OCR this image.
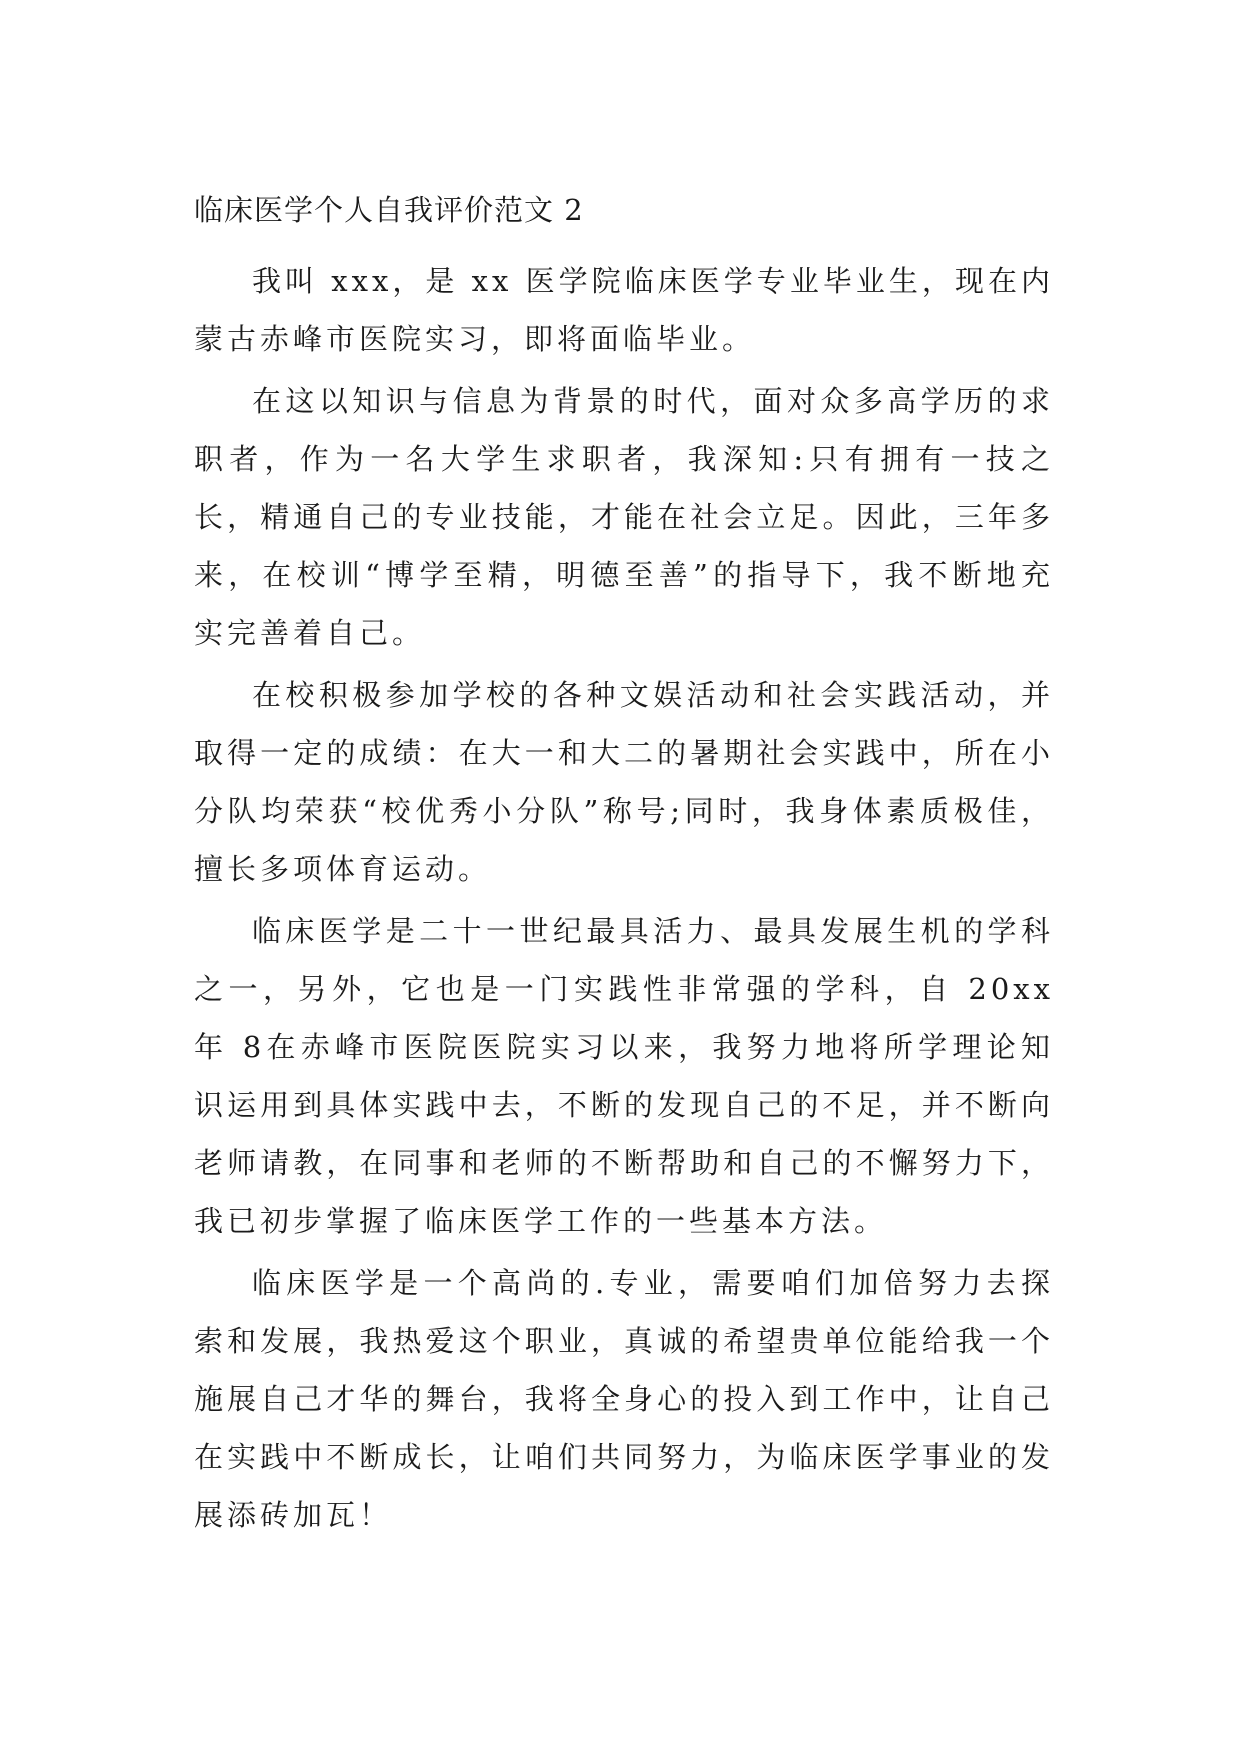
临床医学个人自我评价范文 2

我叫 xxx，是 xx 医学院临床医学专业毕业生，现在内蒙古赤峰市医院实习，即将面临毕业。

在这以知识与信息为背景的时代，面对众多高学历的求职者，作为一名大学生求职者，我深知:只有拥有一技之长，精通自己的专业技能，才能在社会立足。因此，三年多来，在校训“博学至精，明德至善”的指导下，我不断地充实完善着自己。

在校积极参加学校的各种文娱活动和社会实践活动，并取得一定的成绩：在大一和大二的暑期社会实践中，所在小分队均荣获“校优秀小分队”称号;同时，我身体素质极佳，擅长多项体育运动。

临床医学是二十一世纪最具活力、最具发展生机的学科之一，另外，它也是一门实践性非常强的学科，自 20xx 年 8在赤峰市医院医院实习以来，我努力地将所学理论知识运用到具体实践中去，不断的发现自己的不足，并不断向老师请教，在同事和老师的不断帮助和自己的不懈努力下，我已初步掌握了临床医学工作的一些基本方法。

临床医学是一个高尚的.专业，需要咱们加倍努力去探索和发展，我热爱这个职业，真诚的希望贵单位能给我一个施展自己才华的舞台，我将全身心的投入到工作中，让自己在实践中不断成长，让咱们共同努力，为临床医学事业的发展添砖加瓦！
